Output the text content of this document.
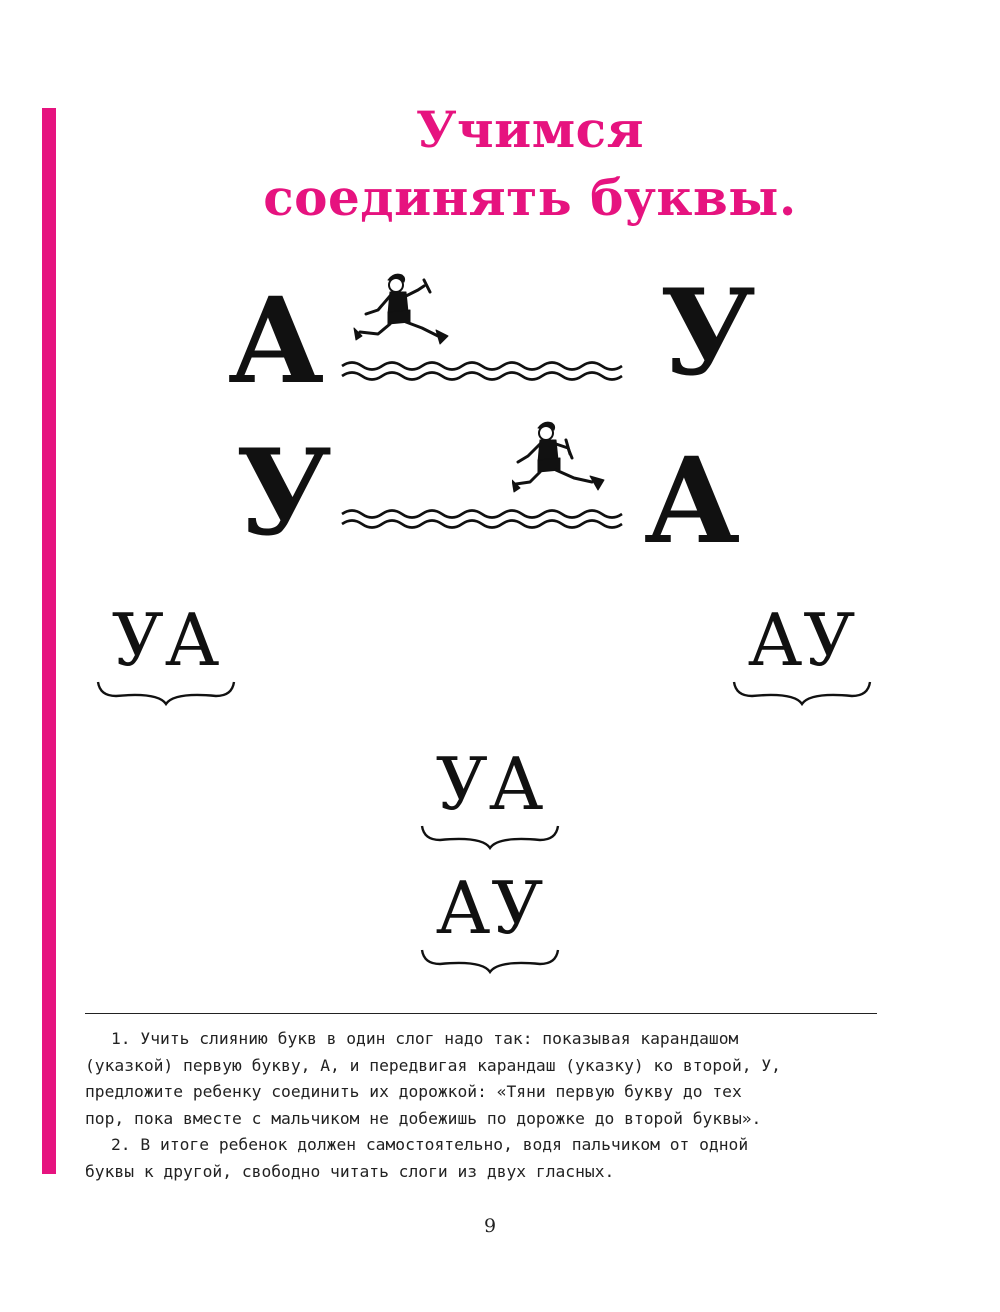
Учимся
соединять буквы.
А	У
У	А
УА	АУ
УА
АУ

1. Учить слиянию букв в один слог надо так: показывая карандашом

(указкой) первую букву, А, и передвигая карандаш (указку) ко второй, У,

предложите ребенку соединить их дорожкой: «Тяни первую букву до тех

пор, пока вместе с мальчиком не добежишь по дорожке до второй буквы».

2. В итоге ребенок должен самостоятельно, водя пальчиком от одной

буквы к другой, свободно читать слоги из двух гласных.

9
